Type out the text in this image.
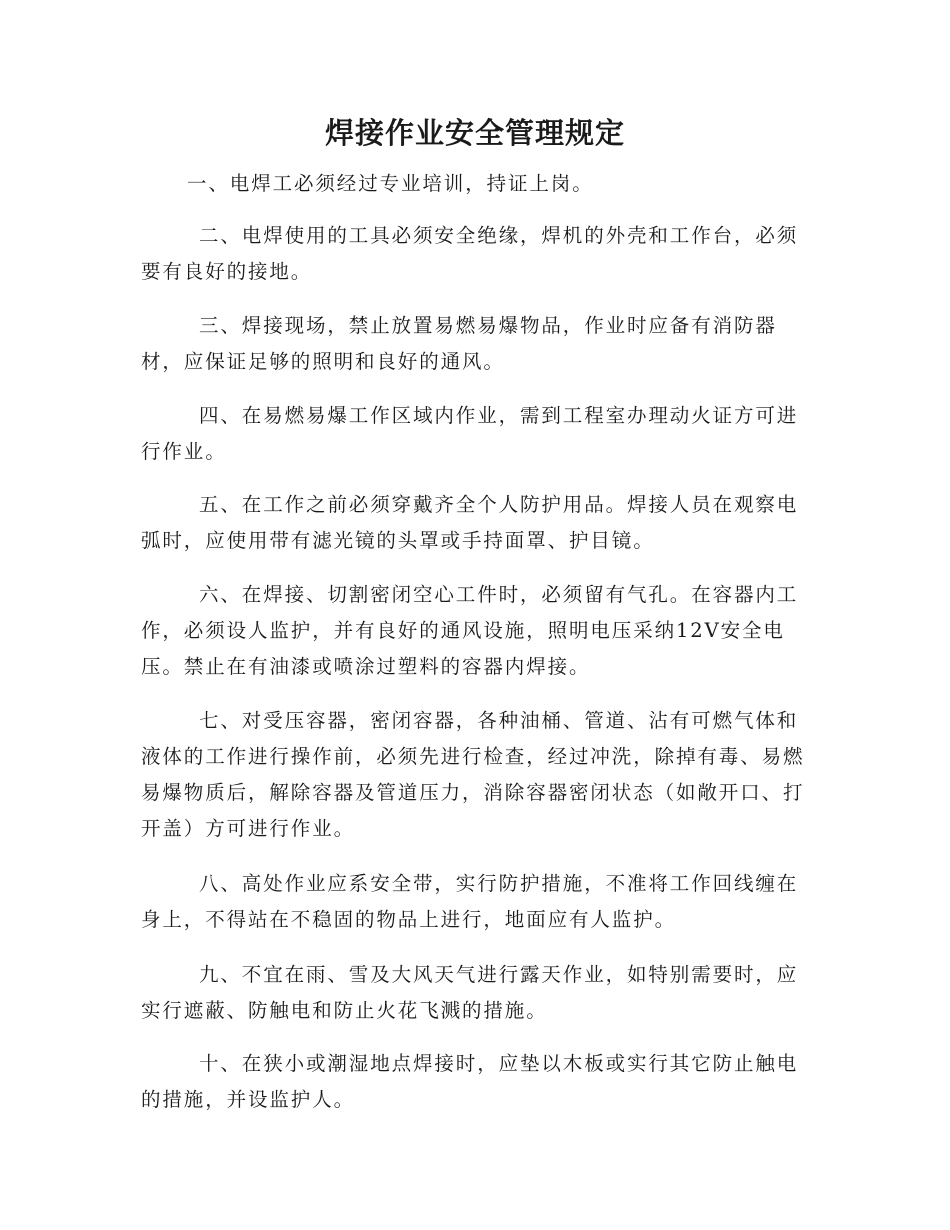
焊接作业安全管理规定

一、电焊工必须经过专业培训，持证上岗。

二、电焊使用的工具必须安全绝缘，焊机的外壳和工作台，必须要有良好的接地。

三、焊接现场，禁止放置易燃易爆物品，作业时应备有消防器材，应保证足够的照明和良好的通风。

四、在易燃易爆工作区域内作业，需到工程室办理动火证方可进行作业。

五、在工作之前必须穿戴齐全个人防护用品。焊接人员在观察电弧时，应使用带有滤光镜的头罩或手持面罩、护目镜。

六、在焊接、切割密闭空心工件时，必须留有气孔。在容器内工作，必须设人监护，并有良好的通风设施，照明电压采纳12V安全电压。禁止在有油漆或喷涂过塑料的容器内焊接。

七、对受压容器，密闭容器，各种油桶、管道、沾有可燃气体和液体的工作进行操作前，必须先进行检查，经过冲洗，除掉有毒、易燃易爆物质后，解除容器及管道压力，消除容器密闭状态（如敞开口、打开盖）方可进行作业。

八、高处作业应系安全带，实行防护措施，不准将工作回线缠在身上，不得站在不稳固的物品上进行，地面应有人监护。

九、不宜在雨、雪及大风天气进行露天作业，如特别需要时，应实行遮蔽、防触电和防止火花飞溅的措施。

十、在狭小或潮湿地点焊接时，应垫以木板或实行其它防止触电的措施，并设监护人。
